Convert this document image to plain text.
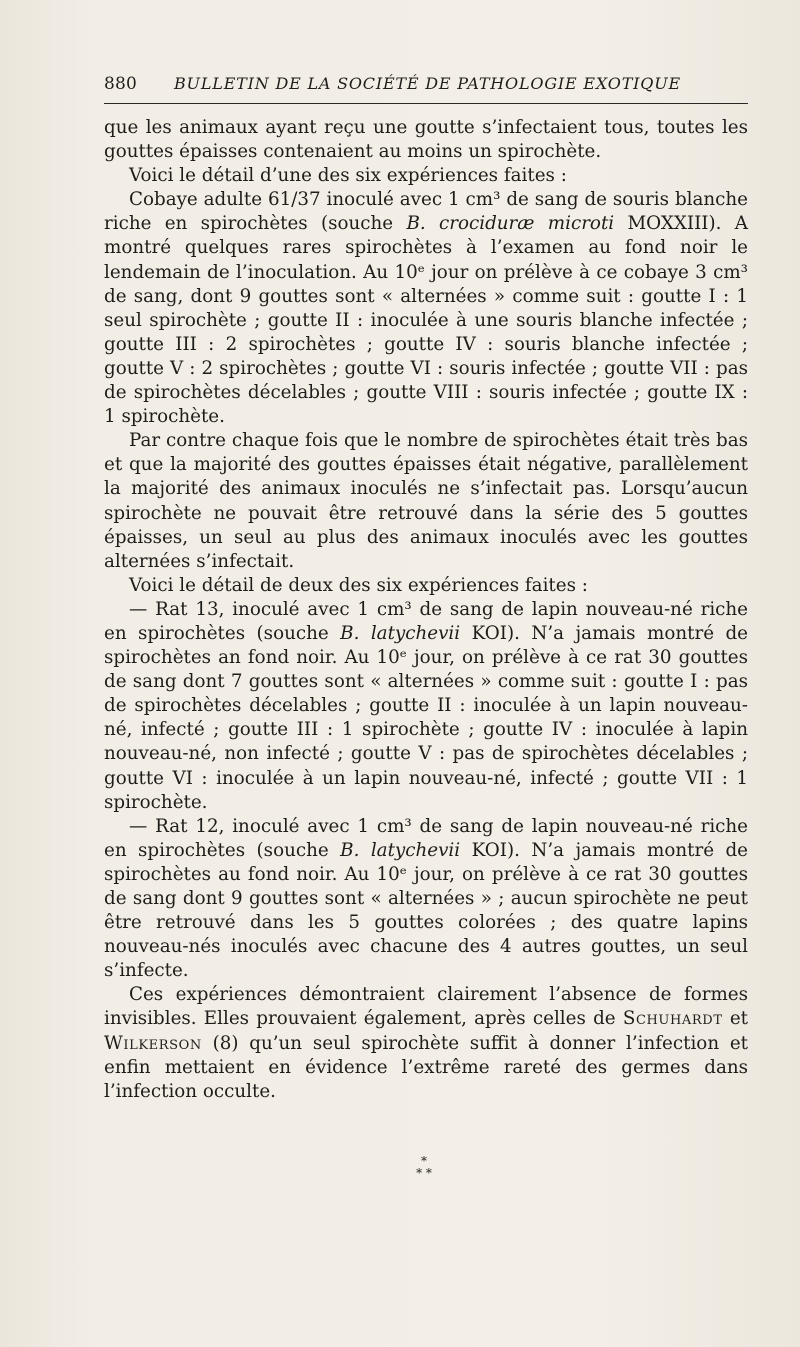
880 BULLETIN DE LA SOCIÉTÉ DE PATHOLOGIE EXOTIQUE

que les animaux ayant reçu une goutte s’infectaient tous, toutes les gouttes épaisses contenaient au moins un spirochète.

Voici le détail d’une des six expériences faites :

Cobaye adulte 61/37 inoculé avec 1 cm³ de sang de souris blanche riche en spirochètes (souche B. crociduræ microti MOXXIII). A montré quelques rares spirochètes à l’examen au fond noir le lendemain de l’inoculation. Au 10ᵉ jour on prélève à ce cobaye 3 cm³ de sang, dont 9 gouttes sont « alternées » comme suit : goutte I : 1 seul spirochète ; goutte II : inoculée à une souris blanche infectée ; goutte III : 2 spirochètes ; goutte IV : souris blanche infectée ; goutte V : 2 spirochètes ; goutte VI : souris infectée ; goutte VII : pas de spirochètes décelables ; goutte VIII : souris infectée ; goutte IX : 1 spirochète.

Par contre chaque fois que le nombre de spirochètes était très bas et que la majorité des gouttes épaisses était négative, parallèlement la majorité des animaux inoculés ne s’infectait pas. Lorsqu’aucun spirochète ne pouvait être retrouvé dans la série des 5 gouttes épaisses, un seul au plus des animaux inoculés avec les gouttes alternées s’infectait.

Voici le détail de deux des six expériences faites :

— Rat 13, inoculé avec 1 cm³ de sang de lapin nouveau-né riche en spirochètes (souche B. latychevii KOI). N’a jamais montré de spirochètes an fond noir. Au 10ᵉ jour, on prélève à ce rat 30 gouttes de sang dont 7 gouttes sont « alternées » comme suit : goutte I : pas de spirochètes décelables ; goutte II : inoculée à un lapin nouveau-né, infecté ; goutte III : 1 spirochète ; goutte IV : inoculée à lapin nouveau-né, non infecté ; goutte V : pas de spirochètes décelables ; goutte VI : inoculée à un lapin nouveau-né, infecté ; goutte VII : 1 spirochète.

— Rat 12, inoculé avec 1 cm³ de sang de lapin nouveau-né riche en spirochètes (souche B. latychevii KOI). N’a jamais montré de spirochètes au fond noir. Au 10ᵉ jour, on prélève à ce rat 30 gouttes de sang dont 9 gouttes sont « alternées » ; aucun spirochète ne peut être retrouvé dans les 5 gouttes colorées ; des quatre lapins nouveau-nés inoculés avec chacune des 4 autres gouttes, un seul s’infecte.

Ces expériences démontraient clairement l’absence de formes invisibles. Elles prouvaient également, après celles de Schuhardt et Wilkerson (8) qu’un seul spirochète suffit à donner l’infection et enfin mettaient en évidence l’extrême rareté des germes dans l’infection occulte.

*
* *
